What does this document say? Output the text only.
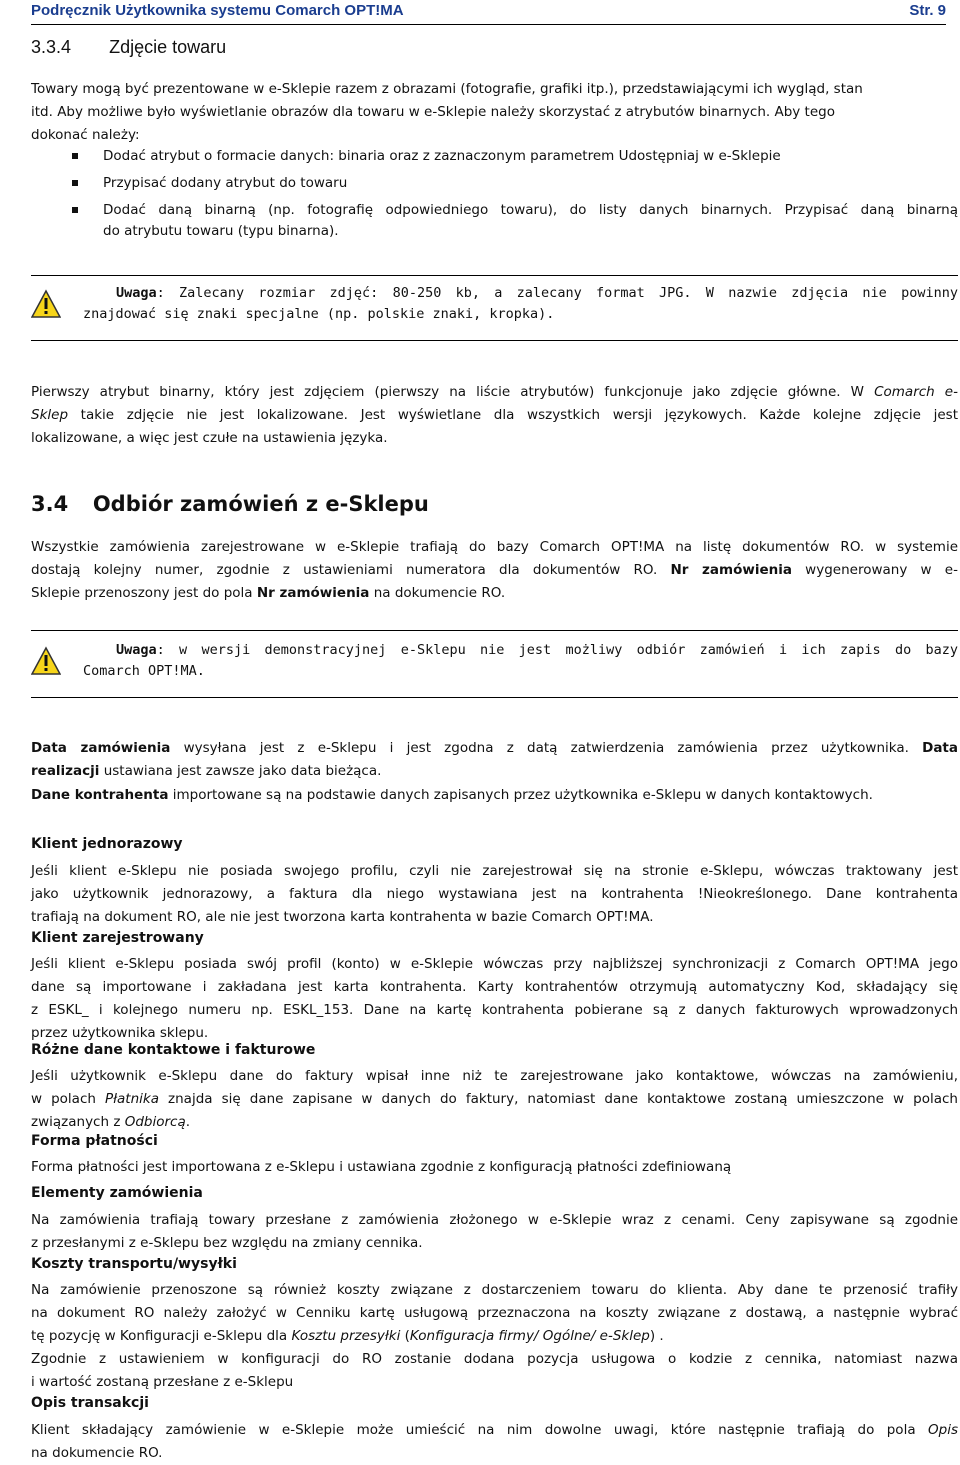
Podręcznik Użytkownika systemu Comarch OPT!MA	Str. 9
3.3.4 Zdjęcie towaru
Towary mogą być prezentowane w e-Sklepie razem z obrazami (fotografie, grafiki itp.), przedstawiającymi ich wygląd, stan
itd. Aby możliwe było wyświetlanie obrazów dla towaru w e-Sklepie należy skorzystać z atrybutów binarnych. Aby tego
dokonać należy:
Dodać atrybut o formacie danych: binaria oraz z zaznaczonym parametrem Udostępniaj w e-Sklepie
Przypisać dodany atrybut do towaru
Dodać daną binarną (np. fotografię odpowiedniego towaru), do listy danych binarnych. Przypisać daną binarną
do atrybutu towaru (typu binarna).
Uwaga: Zalecany rozmiar zdjęć: 80-250 kb, a zalecany format JPG. W nazwie zdjęcia nie powinny
znajdować się znaki specjalne (np. polskie znaki, kropka).
Pierwszy atrybut binarny, który jest zdjęciem (pierwszy na liście atrybutów) funkcjonuje jako zdjęcie główne. W Comarch e-
Sklep takie zdjęcie nie jest lokalizowane. Jest wyświetlane dla wszystkich wersji językowych. Każde kolejne zdjęcie jest
lokalizowane, a więc jest czułe na ustawienia języka.
3.4 Odbiór zamówień z e-Sklepu
Wszystkie zamówienia zarejestrowane w e-Sklepie trafiają do bazy Comarch OPT!MA na listę dokumentów RO. w systemie
dostają kolejny numer, zgodnie z ustawieniami numeratora dla dokumentów RO. Nr zamówienia wygenerowany w e-
Sklepie przenoszony jest do pola Nr zamówienia na dokumencie RO.
Uwaga: w wersji demonstracyjnej e-Sklepu nie jest możliwy odbiór zamówień i ich zapis do bazy
Comarch OPT!MA.
Data zamówienia wysyłana jest z e-Sklepu i jest zgodna z datą zatwierdzenia zamówienia przez użytkownika. Data
realizacji ustawiana jest zawsze jako data bieżąca.
Dane kontrahenta importowane są na podstawie danych zapisanych przez użytkownika e-Sklepu w danych kontaktowych.
Klient jednorazowy
Jeśli klient e-Sklepu nie posiada swojego profilu, czyli nie zarejestrował się na stronie e-Sklepu, wówczas traktowany jest
jako użytkownik jednorazowy, a faktura dla niego wystawiana jest na kontrahenta !Nieokreślonego. Dane kontrahenta
trafiają na dokument RO, ale nie jest tworzona karta kontrahenta w bazie Comarch OPT!MA.
Klient zarejestrowany
Jeśli klient e-Sklepu posiada swój profil (konto) w e-Sklepie wówczas przy najbliższej synchronizacji z Comarch OPT!MA jego
dane są importowane i zakładana jest karta kontrahenta. Karty kontrahentów otrzymują automatyczny Kod, składający się
z ESKL_ i kolejnego numeru np. ESKL_153. Dane na kartę kontrahenta pobierane są z danych fakturowych wprowadzonych
przez użytkownika sklepu.
Różne dane kontaktowe i fakturowe
Jeśli użytkownik e-Sklepu dane do faktury wpisał inne niż te zarejestrowane jako kontaktowe, wówczas na zamówieniu,
w polach Płatnika znajda się dane zapisane w danych do faktury, natomiast dane kontaktowe zostaną umieszczone w polach
związanych z Odbiorcą.
Forma płatności
Forma płatności jest importowana z e-Sklepu i ustawiana zgodnie z konfiguracją płatności zdefiniowaną
Elementy zamówienia
Na zamówienia trafiają towary przesłane z zamówienia złożonego w e-Sklepie wraz z cenami. Ceny zapisywane są zgodnie
z przesłanymi z e-Sklepu bez względu na zmiany cennika.
Koszty transportu/wysyłki
Na zamówienie przenoszone są również koszty związane z dostarczeniem towaru do klienta. Aby dane te przenosić trafiły
na dokument RO należy założyć w Cenniku kartę usługową przeznaczona na koszty związane z dostawą, a następnie wybrać
tę pozycję w Konfiguracji e-Sklepu dla Kosztu przesyłki (Konfiguracja firmy/ Ogólne/ e-Sklep) .
Zgodnie z ustawieniem w konfiguracji do RO zostanie dodana pozycja usługowa o kodzie z cennika, natomiast nazwa
i wartość zostaną przesłane z e-Sklepu
Opis transakcji
Klient składający zamówienie w e-Sklepie może umieścić na nim dowolne uwagi, które następnie trafiają do pola Opis
na dokumencie RO.
